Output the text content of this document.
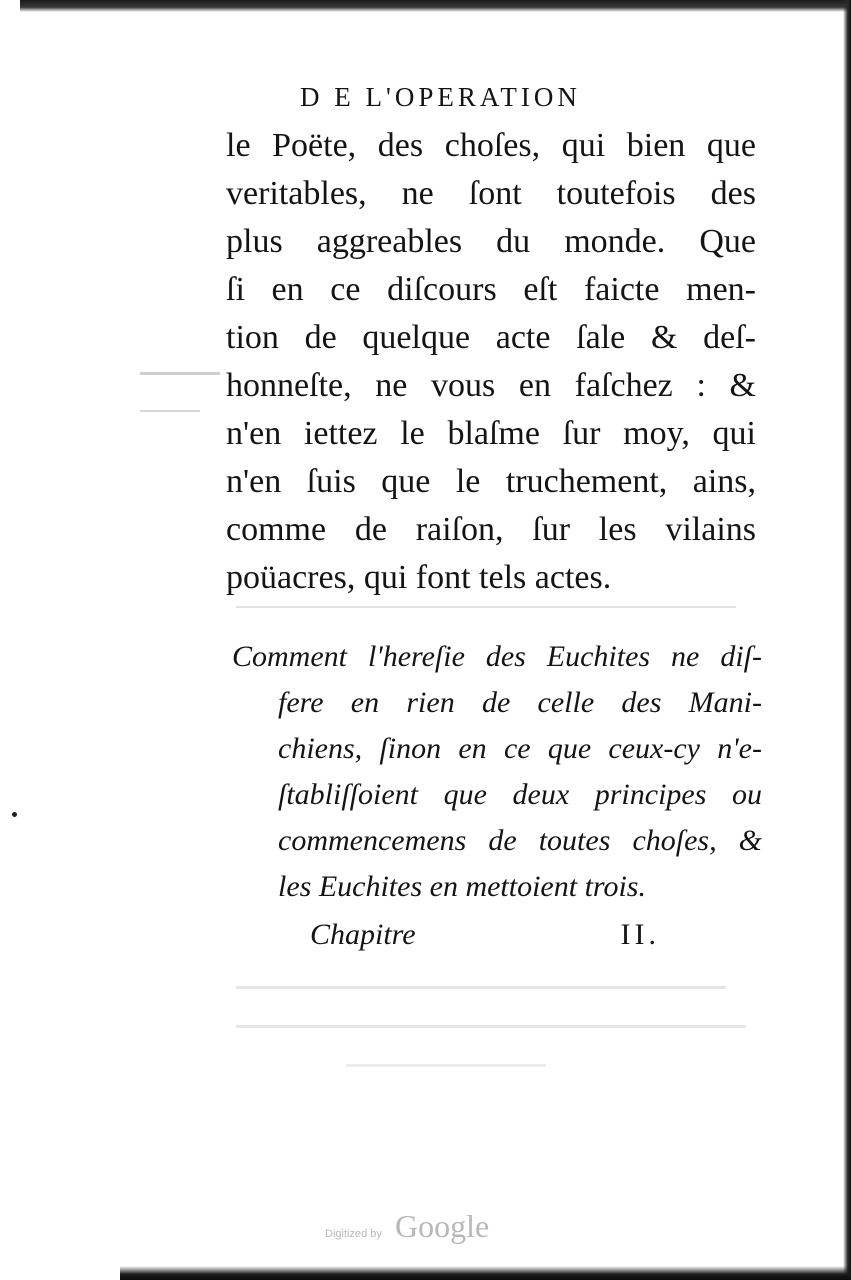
D E L'OPERATION
le Poëte, des choſes, qui bien que
veritables, ne ſont toutefois des
plus aggreables du monde. Que
ſi en ce diſcours eſt faicte men-
tion de quelque acte ſale & deſ-
honneſte, ne vous en faſchez : &
n'en iettez le blaſme ſur moy, qui
n'en ſuis que le truchement, ains,
comme de raiſon, ſur les vilains
poüacres, qui font tels actes.
Comment l'hereſie des Euchites ne diſ-
fere en rien de celle des Mani-
chiens, ſinon en ce que ceux-cy n'e-
ſtabliſſoient que deux principes ou
commencemens de toutes choſes, &
les Euchites en mettoient trois.
Chapitre	II.
Digitized by Google
